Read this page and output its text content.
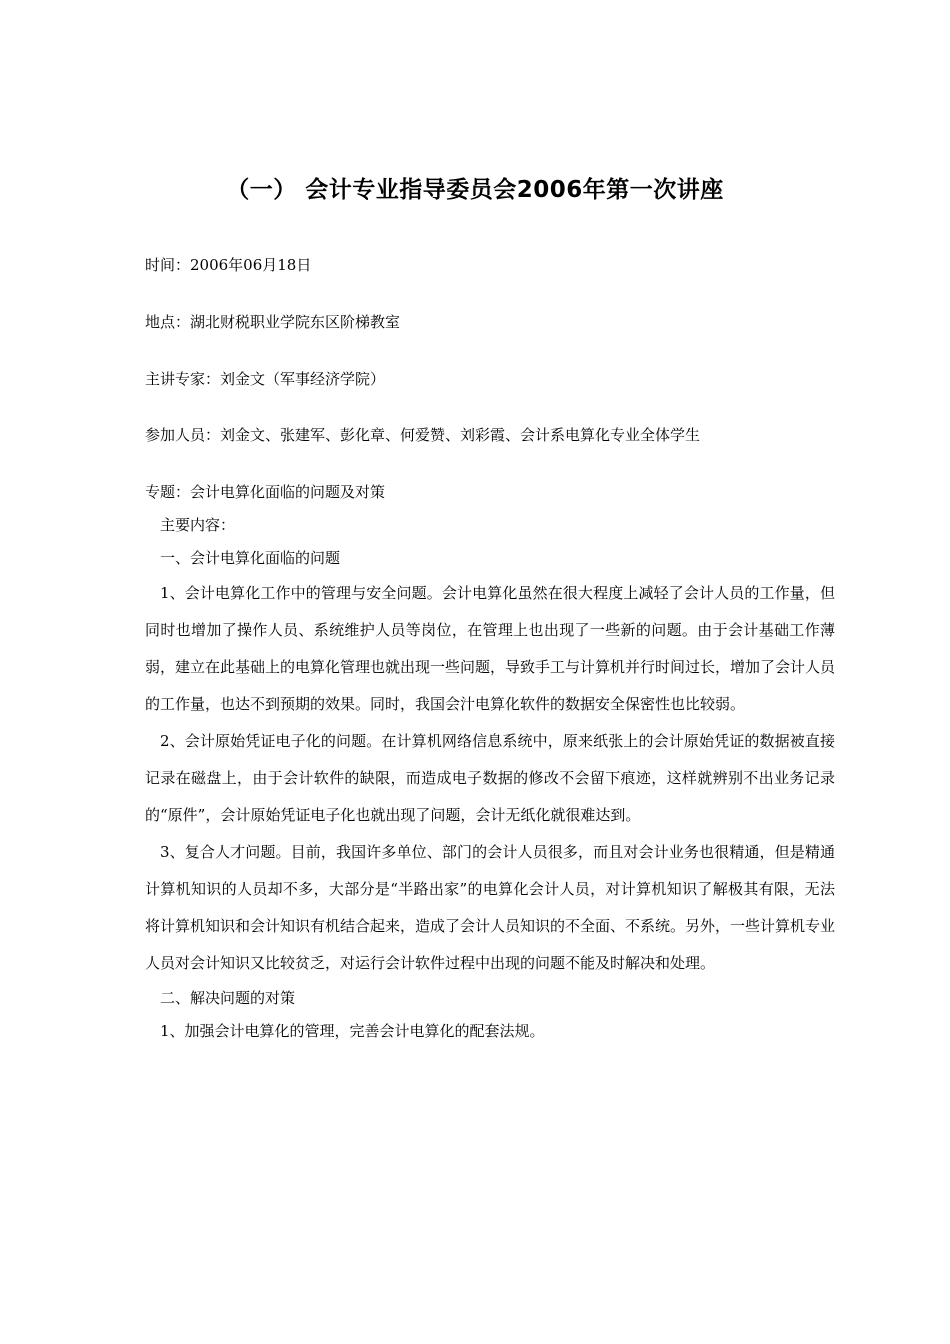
（一） 会计专业指导委员会2006年第一次讲座

时间：2006年06月18日

地点：湖北财税职业学院东区阶梯教室

主讲专家：刘金文（军事经济学院）

参加人员：刘金文、张建军、彭化章、何爱赞、刘彩霞、会计系电算化专业全体学生

专题：会计电算化面临的问题及对策

主要内容：

一、会计电算化面临的问题

1、会计电算化工作中的管理与安全问题。会计电算化虽然在很大程度上减轻了会计人员的工作量，但同时也增加了操作人员、系统维护人员等岗位，在管理上也出现了一些新的问题。由于会计基础工作薄弱，建立在此基础上的电算化管理也就出现一些问题，导致手工与计算机并行时间过长，增加了会计人员的工作量，也达不到预期的效果。同时，我国会汁电算化软件的数据安全保密性也比较弱。

2、会计原始凭证电子化的问题。在计算机网络信息系统中，原来纸张上的会计原始凭证的数据被直接记录在磁盘上，由于会计软件的缺限，而造成电子数据的修改不会留下痕迹，这样就辨别不出业务记录的“原件”，会计原始凭证电子化也就出现了问题，会计无纸化就很难达到。

3、复合人才问题。目前，我国许多单位、部门的会计人员很多，而且对会计业务也很精通，但是精通计算机知识的人员却不多，大部分是“半路出家”的电算化会计人员，对计算机知识了解极其有限，无法将计算机知识和会计知识有机结合起来，造成了会计人员知识的不全面、不系统。另外，一些计算机专业人员对会计知识又比较贫乏，对运行会计软件过程中出现的问题不能及时解决和处理。

二、解决问题的对策

1、加强会计电算化的管理，完善会计电算化的配套法规。
